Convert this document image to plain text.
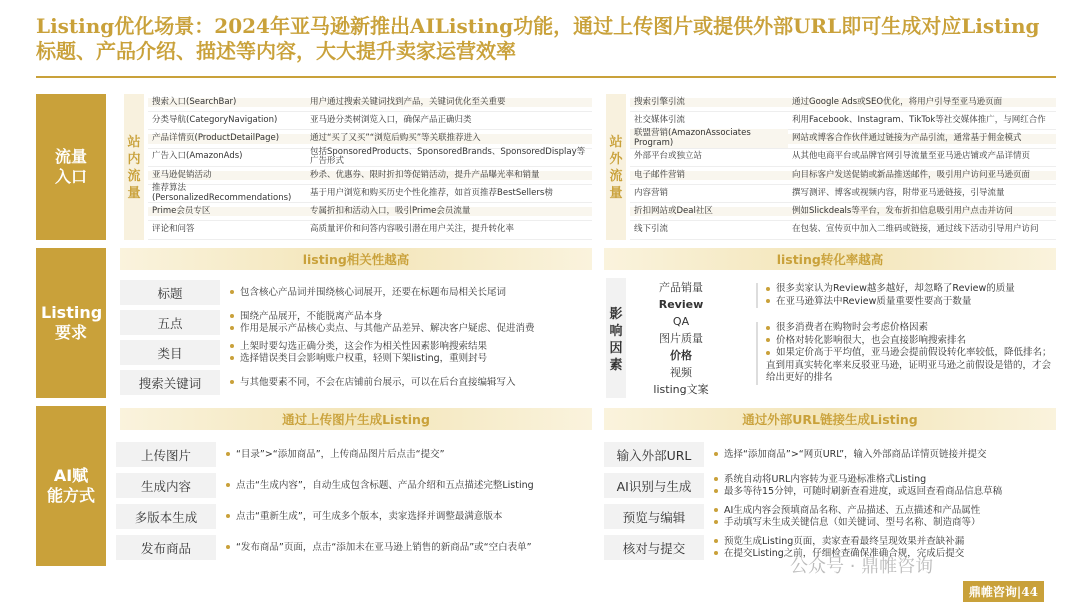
Listing优化场景：2024年亚马逊新推出AIListing功能，通过上传图片或提供外部URL即可生成对应Listing标题、产品介绍、描述等内容，大大提升卖家运营效率
流量入口
Listing要求
AI赋能方式
站内流量
搜索入口(SearchBar)	用户通过搜索关键词找到产品，关键词优化至关重要
分类导航(CategoryNavigation)	亚马逊分类树浏览入口，确保产品正确归类
产品详情页(ProductDetailPage)	通过“买了又买”“浏览后购买”等关联推荐进入
广告入口(AmazonAds)	包括SponsoredProducts、SponsoredBrands、SponsoredDisplay等广告形式
亚马逊促销活动	秒杀、优惠券、限时折扣等促销活动，提升产品曝光率和销量
推荐算法(PersonalizedRecommendations)	基于用户浏览和购买历史个性化推荐，如首页推荐BestSellers榜
Prime会员专区	专属折扣和活动入口，吸引Prime会员流量
评论和问答	高质量评价和问答内容吸引潜在用户关注，提升转化率
站外流量
搜索引擎引流	通过Google Ads或SEO优化，将用户引导至亚马逊页面
社交媒体引流	利用Facebook、Instagram、TikTok等社交媒体推广，与网红合作
联盟营销(AmazonAssociates Program)	网站或博客合作伙伴通过链接为产品引流，通常基于佣金模式
外部平台或独立站	从其他电商平台或品牌官网引导流量至亚马逊店铺或产品详情页
电子邮件营销	向目标客户发送促销或新品推送邮件，吸引用户访问亚马逊页面
内容营销	撰写测评、博客或视频内容，附带亚马逊链接，引导流量
折扣网站或Deal社区	例如Slickdeals等平台，发布折扣信息吸引用户点击并访问
线下引流	在包装、宣传页中加入二维码或链接，通过线下活动引导用户访问
listing相关性越高	listing转化率越高
标题	包含核心产品词并围绕核心词展开，还要在标题布局相关长尾词
五点	围绕产品展开，不能脱离产品本身
作用是展示产品核心卖点、与其他产品差异、解决客户疑虑、促进消费
类目	上架时要勾选正确分类，这会作为相关性因素影响搜索结果
选择错误类目会影响账户权重，轻则下架listing，重则封号
搜索关键词	与其他要素不同，不会在店铺前台展示，可以在后台直接编辑写入
影响因素
产品销量
Review
QA
图片质量
价格
视频
listing文案
很多卖家认为Review越多越好，却忽略了Review的质量
在亚马逊算法中Review质量重要性要高于数量
很多消费者在购物时会考虑价格因素
价格对转化影响很大，也会直接影响搜索排名
如果定价高于平均值，亚马逊会提前假设转化率较低，降低排名；直到用真实转化率来反驳亚马逊，证明亚马逊之前假设是错的，才会给出更好的排名
通过上传图片生成Listing	通过外部URL链接生成Listing
上传图片	“目录”>“添加商品”，上传商品图片后点击“提交”
生成内容	点击“生成内容”，自动生成包含标题、产品介绍和五点描述完整Listing
多版本生成	点击“重新生成”，可生成多个版本，卖家选择并调整最满意版本
发布商品	“发布商品”页面，点击“添加未在亚马逊上销售的新商品”或“空白表单”
输入外部URL	选择“添加商品”>“网页URL”，输入外部商品详情页链接并提交
AI识别与生成	系统自动将URL内容转为亚马逊标准格式Listing
最多等待15分钟，可随时刷新查看进度，或返回查看商品信息草稿
预览与编辑	AI生成内容会预填商品名称、产品描述、五点描述和产品属性
手动填写未生成关键信息（如关键词、型号名称、制造商等）
核对与提交	预览生成Listing页面，卖家查看最终呈现效果并查缺补漏
在提交Listing之前，仔细检查确保准确合规，完成后提交
公众号 · 鼎帷咨询
鼎帷咨询|44
